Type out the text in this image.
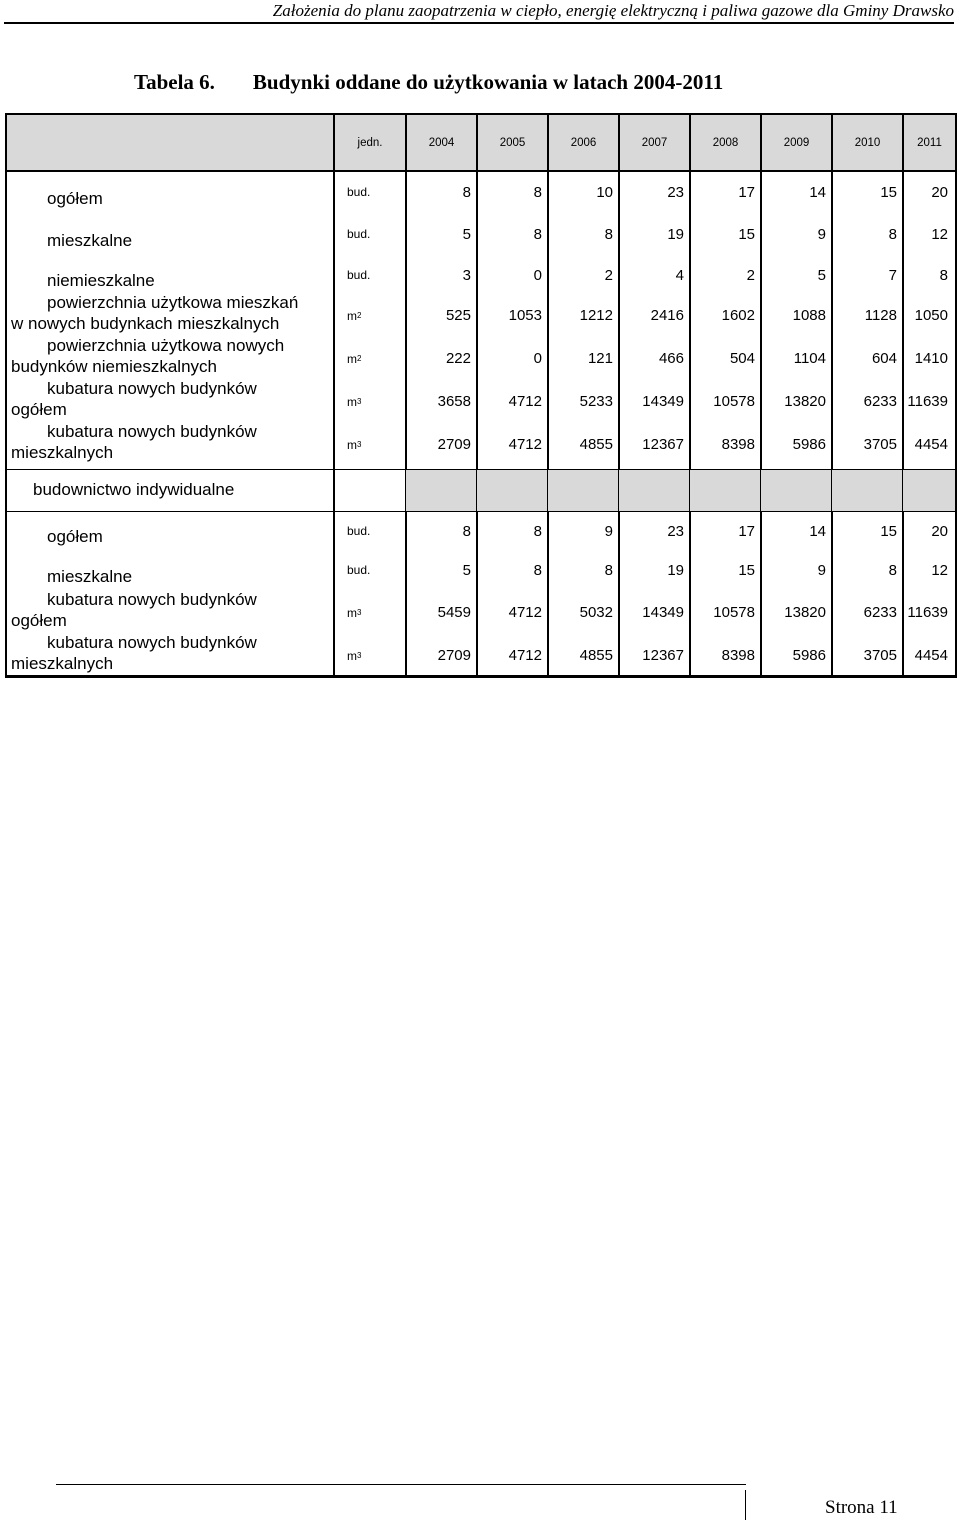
Założenia do planu zaopatrzenia w ciepło, energię elektryczną i paliwa gazowe dla Gminy Drawsko
Tabela 6. Budynki oddane do użytkowania w latach 2004-2011
jedn.	2004	2005	2006	2007	2008	2009	2010	2011
ogółem	bud.	8	8	10	23	17	14	15	20
mieszkalne	bud.	5	8	8	19	15	9	8	12
niemieszkalne	bud.	3	0	2	4	2	5	7	8
powierzchnia użytkowa mieszkań
w nowych budynkach mieszkalnych	m 2	525	1053	1212	2416	1602	1088	1128	1050
powierzchnia użytkowa nowych
budynków niemieszkalnych	m 2	222	0	121	466	504	1104	604	1410
kubatura nowych budynków
ogółem	m 3	3658	4712	5233	14349	10578	13820	6233 11639
kubatura nowych budynków
mieszkalnych	m 3	2709	4712	4855	12367	8398	5986	3705	4454
budownictwo indywidualne
ogółem	bud.	8	8	9	23	17	14	15	20
mieszkalne	bud.	5	8	8	19	15	9	8	12
kubatura nowych budynków
ogółem	m 3	5459	4712	5032	14349	10578	13820	6233 11639
kubatura nowych budynków
mieszkalnych	m 3	2709	4712	4855	12367	8398	5986	3705	4454
Strona 11
